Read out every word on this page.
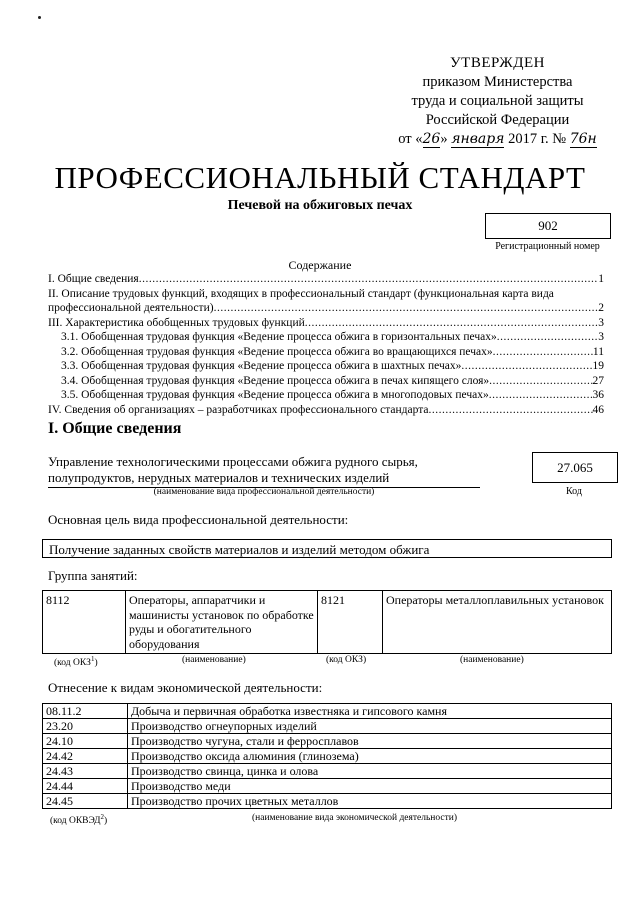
УТВЕРЖДЕН
приказом Министерства
труда и социальной защиты
Российской Федерации
от «26» января 2017 г. № 76н
ПРОФЕССИОНАЛЬНЫЙ СТАНДАРТ
Печевой на обжиговых печах
902
Регистрационный номер
Содержание
I. Общие сведения .....	1
II. Описание трудовых функций, входящих в профессиональный стандарт (функциональная карта вида
профессиональной деятельности) .....	2
III. Характеристика обобщенных трудовых функций .....	3
3.1. Обобщенная трудовая функция «Ведение процесса обжига в горизонтальных печах» .....	3
3.2. Обобщенная трудовая функция «Ведение процесса обжига во вращающихся печах» .....	11
3.3. Обобщенная трудовая функция «Ведение процесса обжига в шахтных печах» .....	19
3.4. Обобщенная трудовая функция «Ведение процесса обжига в печах кипящего слоя» .....	27
3.5. Обобщенная трудовая функция «Ведение процесса обжига в многоподовых печах» .....	36
IV. Сведения об организациях – разработчиках профессионального стандарта .....	46
I. Общие сведения
Управление технологическими процессами обжига рудного сырья,
полупродуктов, нерудных материалов и технических изделий
(наименование вида профессиональной деятельности)
27.065
Код
Основная цель вида профессиональной деятельности:
Получение заданных свойств материалов и изделий методом обжига
Группа занятий:
8112	Операторы, аппаратчики и машинисты установок по обработке руды и обогатительного оборудования	8121	Операторы металлоплавильных установок
(код ОКЗ$^1$)	(наименование)	(код ОКЗ)	(наименование)
Отнесение к видам экономической деятельности:
08.11.2	Добыча и первичная обработка известняка и гипсового камня
23.20	Производство огнеупорных изделий
24.10	Производство чугуна, стали и ферросплавов
24.42	Производство оксида алюминия (глинозема)
24.43	Производство свинца, цинка и олова
24.44	Производство меди
24.45	Производство прочих цветных металлов
(код ОКВЭД$^2$)	(наименование вида экономической деятельности)
